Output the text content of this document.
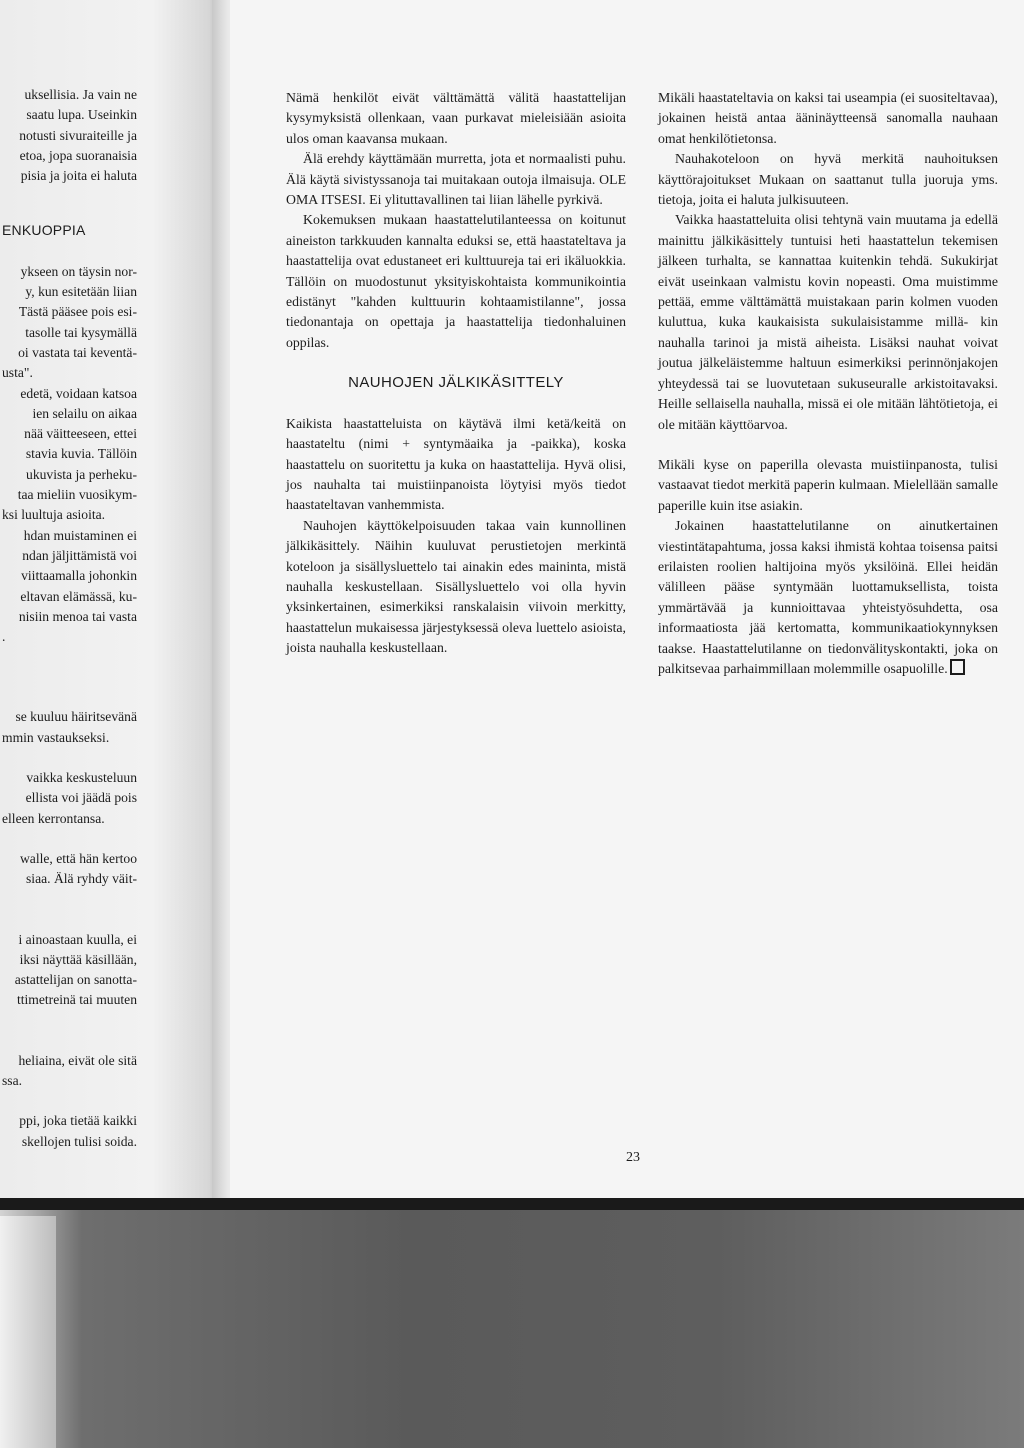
uksellisia. Ja vain ne

saatu lupa. Useinkin

notusti sivuraiteille ja

etoa, jopa suoranaisia

pisia ja joita ei haluta

ENKUOPPIA

ykseen on täysin nor-

y, kun esitetään liian

Tästä pääsee pois esi-

tasolle tai kysymällä

oi vastata tai keventä-

usta".

edetä, voidaan katsoa

ien selailu on aikaa

nää väitteeseen, ettei

stavia kuvia. Tällöin

ukuvista ja perheku-

taa mieliin vuosikym-

ksi luultuja asioita.

hdan muistaminen ei

ndan jäljittämistä voi

viittaamalla johonkin

eltavan elämässä, ku-

nisiin menoa tai vasta

.

se kuuluu häiritsevänä

mmin vastaukseksi.

vaikka keskusteluun

ellista voi jäädä pois

elleen kerrontansa.

walle, että hän kertoo

siaa. Älä ryhdy väit-

i ainoastaan kuulla, ei

iksi näyttää käsillään,

astattelijan on sanotta-

ttimetreinä tai muuten

heliaina, eivät ole sitä

ssa.

ppi, joka tietää kaikki

skellojen tulisi soida.

Nämä henkilöt eivät välttämättä välitä haastattelijan kysymyksistä ollenkaan, vaan purkavat mieleisiään asioita ulos oman kaavansa mukaan.

Älä erehdy käyttämään murretta, jota et normaalisti puhu. Älä käytä sivistyssanoja tai muitakaan outoja ilmaisuja. OLE OMA ITSESI. Ei ylituttavallinen tai liian lähelle pyrkivä.

Kokemuksen mukaan haastattelutilanteessa on koitunut aineiston tarkkuuden kannalta eduksi se, että haastateltava ja haastattelija ovat edustaneet eri kulttuureja tai eri ikäluokkia. Tällöin on muodostunut yksityiskohtaista kommunikointia edistänyt "kahden kulttuurin kohtaamistilanne", jossa tiedonantaja on opettaja ja haastattelija tiedonhaluinen oppilas.

NAUHOJEN JÄLKIKÄSITTELY

Kaikista haastatteluista on käytävä ilmi ketä/keitä on haastateltu (nimi + syntymäaika ja -paikka), koska haastattelu on suoritettu ja kuka on haastattelija. Hyvä olisi, jos nauhalta tai muistiinpanoista löytyisi myös tiedot haastateltavan vanhemmista.

Nauhojen käyttökelpoisuuden takaa vain kunnollinen jälkikäsittely. Näihin kuuluvat perustietojen merkintä koteloon ja sisällysluettelo tai ainakin edes maininta, mistä nauhalla keskustellaan. Sisällysluettelo voi olla hyvin yksinkertainen, esimerkiksi ranskalaisin viivoin merkitty, haastattelun mukaisessa järjestyksessä oleva luettelo asioista, joista nauhalla keskustellaan.

Mikäli haastateltavia on kaksi tai useampia (ei suositeltavaa), jokainen heistä antaa ääninäytteensä sanomalla nauhaan omat henkilötietonsa.

Nauhakoteloon on hyvä merkitä nauhoituksen käyttörajoitukset Mukaan on saattanut tulla juoruja yms. tietoja, joita ei haluta julkisuuteen.

Vaikka haastatteluita olisi tehtynä vain muutama ja edellä mainittu jälkikäsittely tuntuisi heti haastattelun tekemisen jälkeen turhalta, se kannattaa kuitenkin tehdä. Sukukirjat eivät useinkaan valmistu kovin nopeasti. Oma muistimme pettää, emme välttämättä muistakaan parin kolmen vuoden kuluttua, kuka kaukaisista sukulaisistamme millä- kin nauhalla tarinoi ja mistä aiheista. Lisäksi nauhat voivat joutua jälkeläistemme haltuun esimerkiksi perinnönjakojen yhteydessä tai se luovutetaan sukuseuralle arkistoitavaksi. Heille sellaisella nauhalla, missä ei ole mitään lähtötietoja, ei ole mitään käyttöarvoa.

Mikäli kyse on paperilla olevasta muistiinpanosta, tulisi vastaavat tiedot merkitä paperin kulmaan. Mielellään samalle paperille kuin itse asiakin.

Jokainen haastattelutilanne on ainutkertainen viestintätapahtuma, jossa kaksi ihmistä kohtaa toisensa paitsi erilaisten roolien haltijoina myös yksilöinä. Ellei heidän välilleen pääse syntymään luottamuksellista, toista ymmärtävää ja kunnioittavaa yhteistyösuhdetta, osa informaatiosta jää kertomatta, kommunikaatiokynnyksen taakse. Haastattelutilanne on tiedonvälityskontakti, joka on palkitsevaa parhaimmillaan molemmille osapuolille.

23
